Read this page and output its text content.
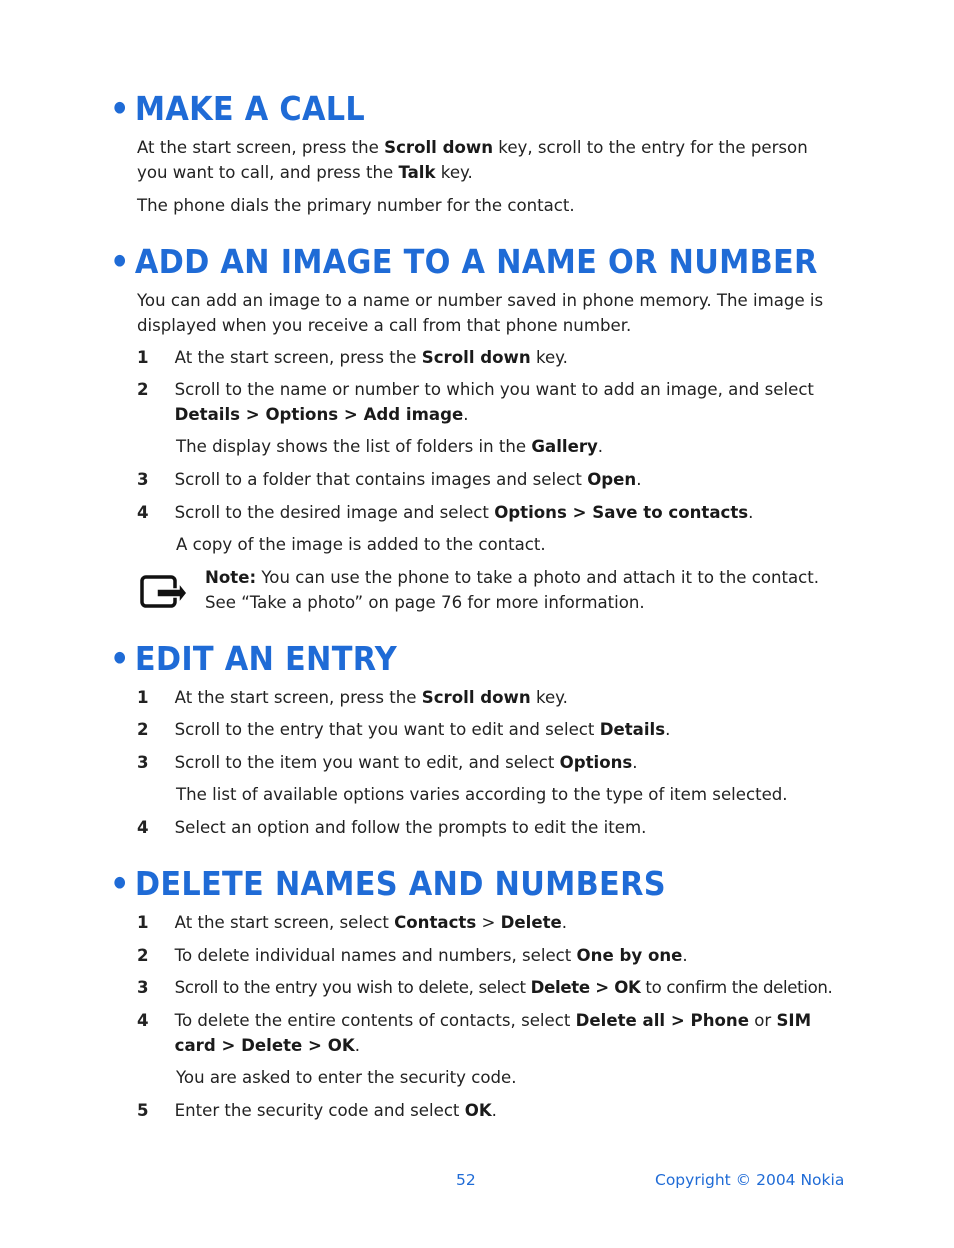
• MAKE A CALL

At the start screen, press the Scroll down key, scroll to the entry for the person you want to call, and press the Talk key.

The phone dials the primary number for the contact.

• ADD AN IMAGE TO A NAME OR NUMBER

You can add an image to a name or number saved in phone memory. The image is displayed when you receive a call from that phone number.

1 At the start screen, press the Scroll down key.
2 Scroll to the name or number to which you want to add an image, and select Details > Options > Add image.
The display shows the list of folders in the Gallery.
3 Scroll to a folder that contains images and select Open.
4 Scroll to the desired image and select Options > Save to contacts.
A copy of the image is added to the contact.

Note: You can use the phone to take a photo and attach it to the contact. See “Take a photo” on page 76 for more information.

• EDIT AN ENTRY
1 At the start screen, press the Scroll down key.
2 Scroll to the entry that you want to edit and select Details.
3 Scroll to the item you want to edit, and select Options.
The list of available options varies according to the type of item selected.
4 Select an option and follow the prompts to edit the item.
• DELETE NAMES AND NUMBERS
1 At the start screen, select Contacts > Delete.
2 To delete individual names and numbers, select One by one.
3 Scroll to the entry you wish to delete, select Delete > OK to confirm the deletion.
4 To delete the entire contents of contacts, select Delete all > Phone or SIM card > Delete > OK.
You are asked to enter the security code.
5 Enter the security code and select OK.
52	Copyright © 2004 Nokia
